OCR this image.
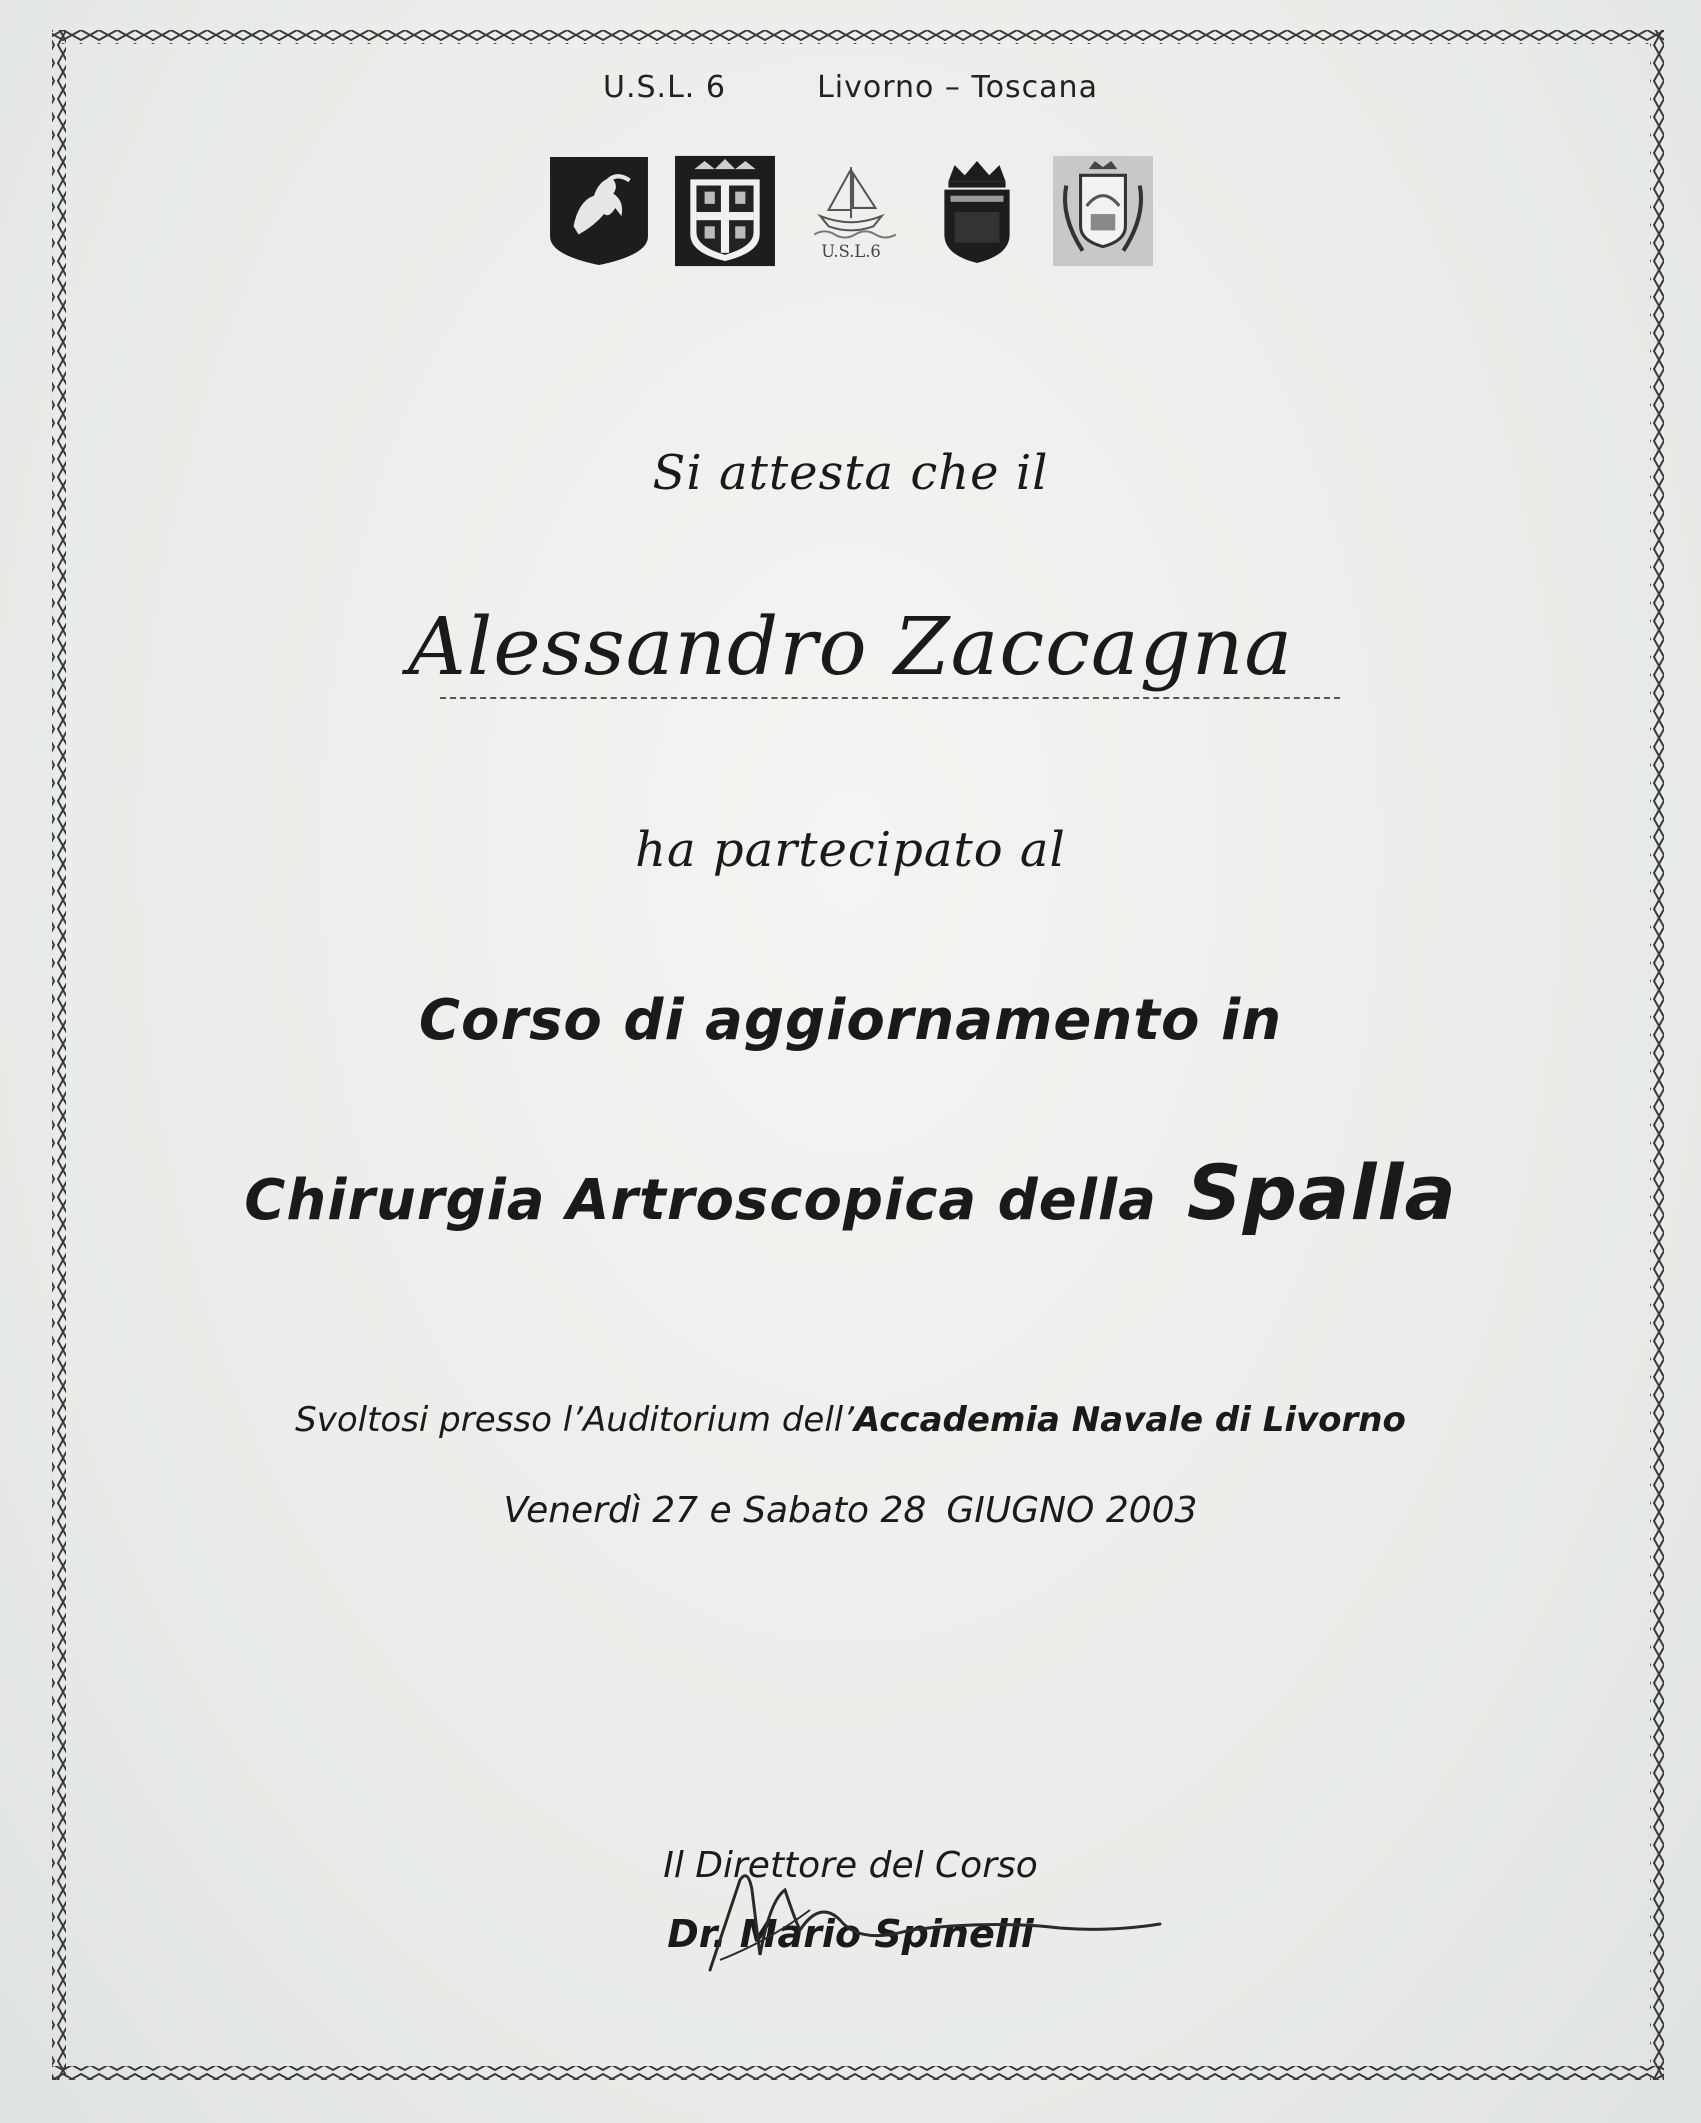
U.S.L. 6	Livorno – Toscana
U.S.L.6
Si attesta che il
Alessandro Zaccagna
ha partecipato al
Corso di aggiornamento in
Chirurgia Artroscopica della Spalla
Svoltosi presso l’Auditorium dell’Accademia Navale di Livorno
Venerdì 27 e Sabato 28 GIUGNO 2003
Il Direttore del Corso
Dr. Mario Spinelli
